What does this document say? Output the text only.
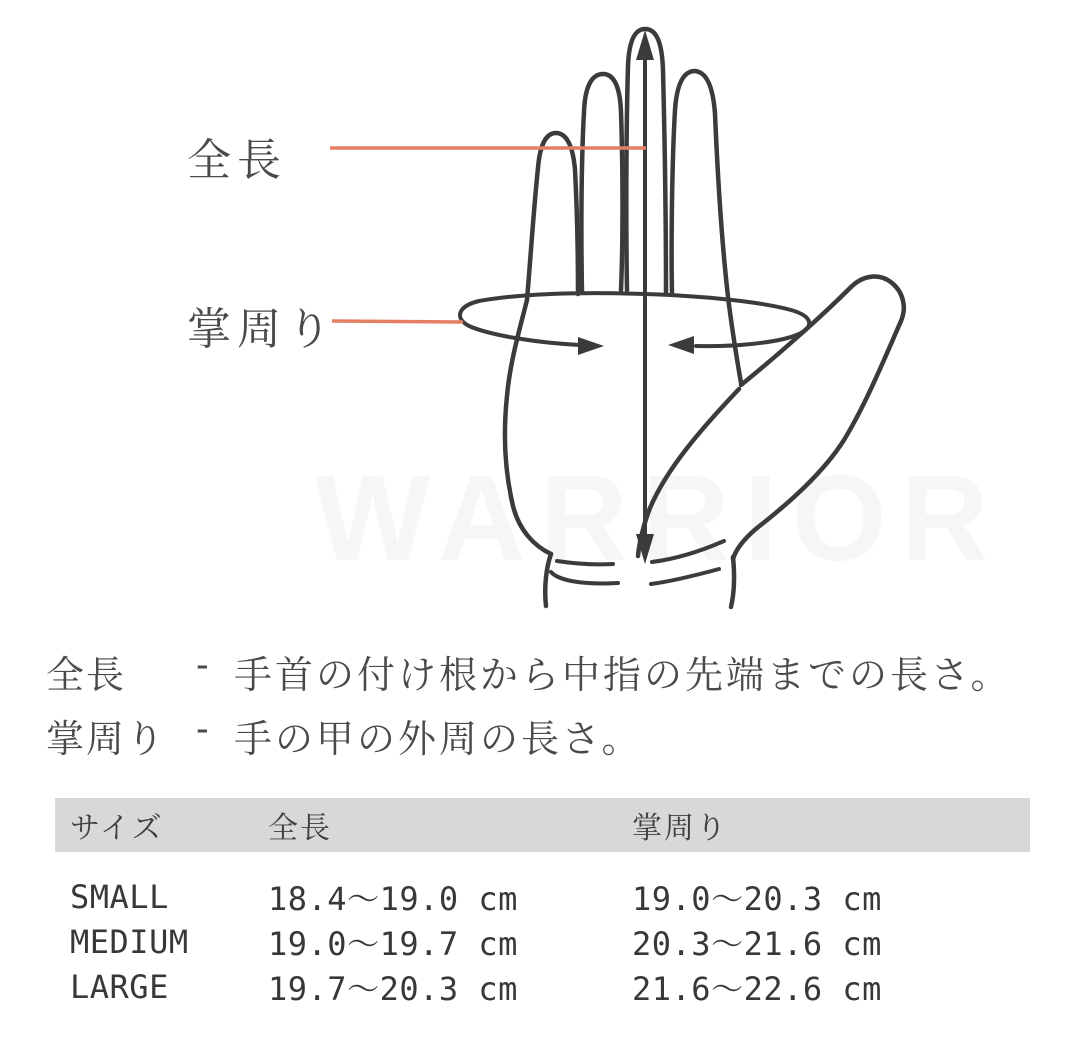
全長
掌周り
全長	- 手首の付け根から中指の先端までの長さ。
掌周り - 手の甲の外周の長さ。
サイズ	全長	掌周り
SMALL	18.4～19.0 cm	19.0～20.3 cm
MEDIUM	19.0～19.7 cm	20.3～21.6 cm
LARGE	19.7～20.3 cm	21.6～22.6 cm
